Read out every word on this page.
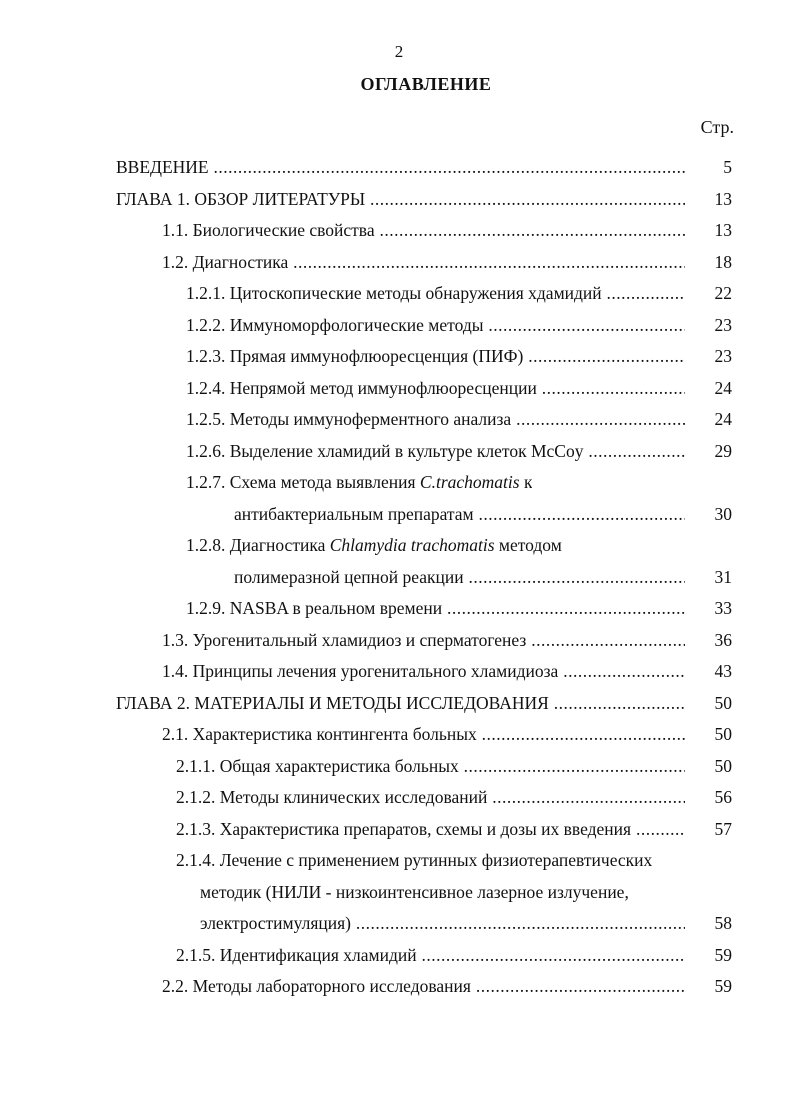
2
ОГЛАВЛЕНИЕ
Стр.
ВВЕДЕНИЕ .....	5
ГЛАВА 1. ОБЗОР ЛИТЕРАТУРЫ .....	13
1.1. Биологические свойства .....	13
1.2. Диагностика .....	18
1.2.1. Цитоскопические методы обнаружения хдамидий .....	22
1.2.2. Иммуноморфологические методы .....	23
1.2.3. Прямая иммунофлюоресценция (ПИФ) .....	23
1.2.4. Непрямой метод иммунофлюоресценции .....	24
1.2.5. Методы иммуноферментного анализа .....	24
1.2.6. Выделение хламидий в культуре клеток McCoy .....	29
1.2.7. Схема метода выявления C.trachomatis к
антибактериальным препаратам .....	30
1.2.8. Диагностика Chlamydia trachomatis методом
полимеразной цепной реакции .....	31
1.2.9. NASBA в реальном времени .....	33
1.3. Урогенитальный хламидиоз и сперматогенез .....	36
1.4. Принципы лечения урогенитального хламидиоза .....	43
ГЛАВА 2. МАТЕРИАЛЫ И МЕТОДЫ ИССЛЕДОВАНИЯ .....	50
2.1. Характеристика контингента больных .....	50
2.1.1. Общая характеристика больных .....	50
2.1.2. Методы клинических исследований .....	56
2.1.3. Характеристика препаратов, схемы и дозы их введения .....	57
2.1.4. Лечение с применением рутинных физиотерапевтических
методик (НИЛИ - низкоинтенсивное лазерное излучение,
электростимуляция) .....	58
2.1.5. Идентификация хламидий .....	59
2.2. Методы лабораторного исследования .....	59
